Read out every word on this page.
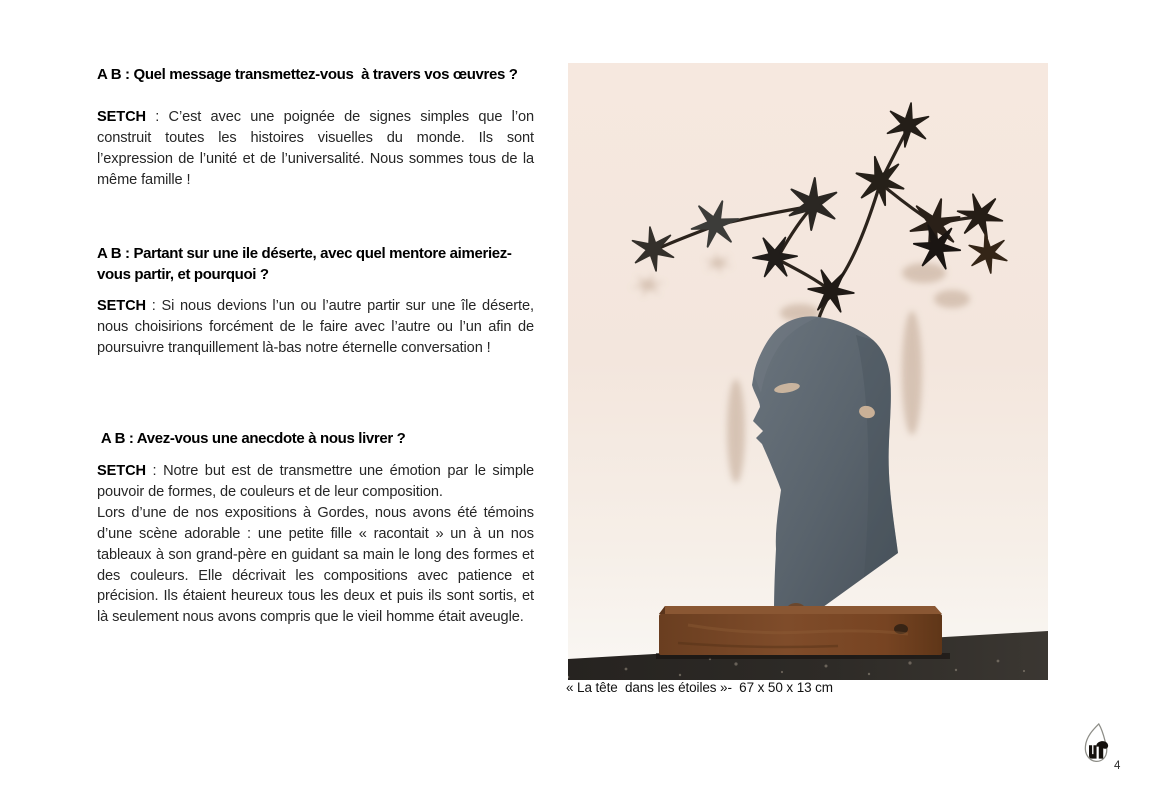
A B : Quel message transmettez-vous  à travers vos œuvres ?

SETCH : C’est avec une poignée de signes simples que l’on construit toutes les histoires visuelles du monde. Ils sont l’expression de l’unité et de l’universalité. Nous sommes tous de la même famille !

A B : Partant sur une ile déserte, avec quel mentore aimeriez-vous partir, et pourquoi ?

SETCH : Si nous devions l’un ou l’autre partir sur une île déserte, nous choisirions forcément de le faire avec l’autre ou l’un afin de poursuivre tranquillement là-bas notre éternelle conversation !

A B : Avez-vous une anecdote à nous livrer ?

SETCH : Notre but est de transmettre une émotion par le simple pouvoir de formes, de couleurs et de leur composition.
Lors d’une de nos expositions à Gordes, nous avons été témoins d’une scène adorable : une petite fille « racontait » un à un nos tableaux à son grand-père en guidant sa main le long des formes et des couleurs. Elle décrivait les compositions avec patience et précision. Ils étaient heureux tous les deux et puis ils sont sortis, et là seulement nous avons compris que le vieil homme était aveugle.

« La tête  dans les étoiles »-  67 x 50 x 13 cm
4
